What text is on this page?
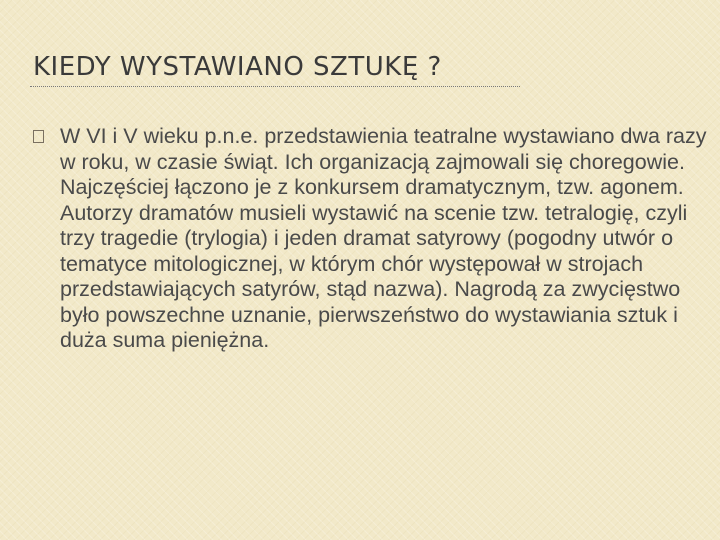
KIEDY WYSTAWIANO SZTUKĘ ?
W VI i V wieku p.n.e. przedstawienia teatralne wystawiano dwa razy w roku, w czasie świąt. Ich organizacją zajmowali się choregowie. Najczęściej łączono je z konkursem dramatycznym, tzw. agonem. Autorzy dramatów musieli wystawić na scenie tzw. tetralogię, czyli trzy tragedie (trylogia) i jeden dramat satyrowy (pogodny utwór o tematyce mitologicznej, w którym chór występował w strojach przedstawiających satyrów, stąd nazwa). Nagrodą za zwycięstwo było powszechne uznanie, pierwszeństwo do wystawiania sztuk i duża suma pieniężna.
